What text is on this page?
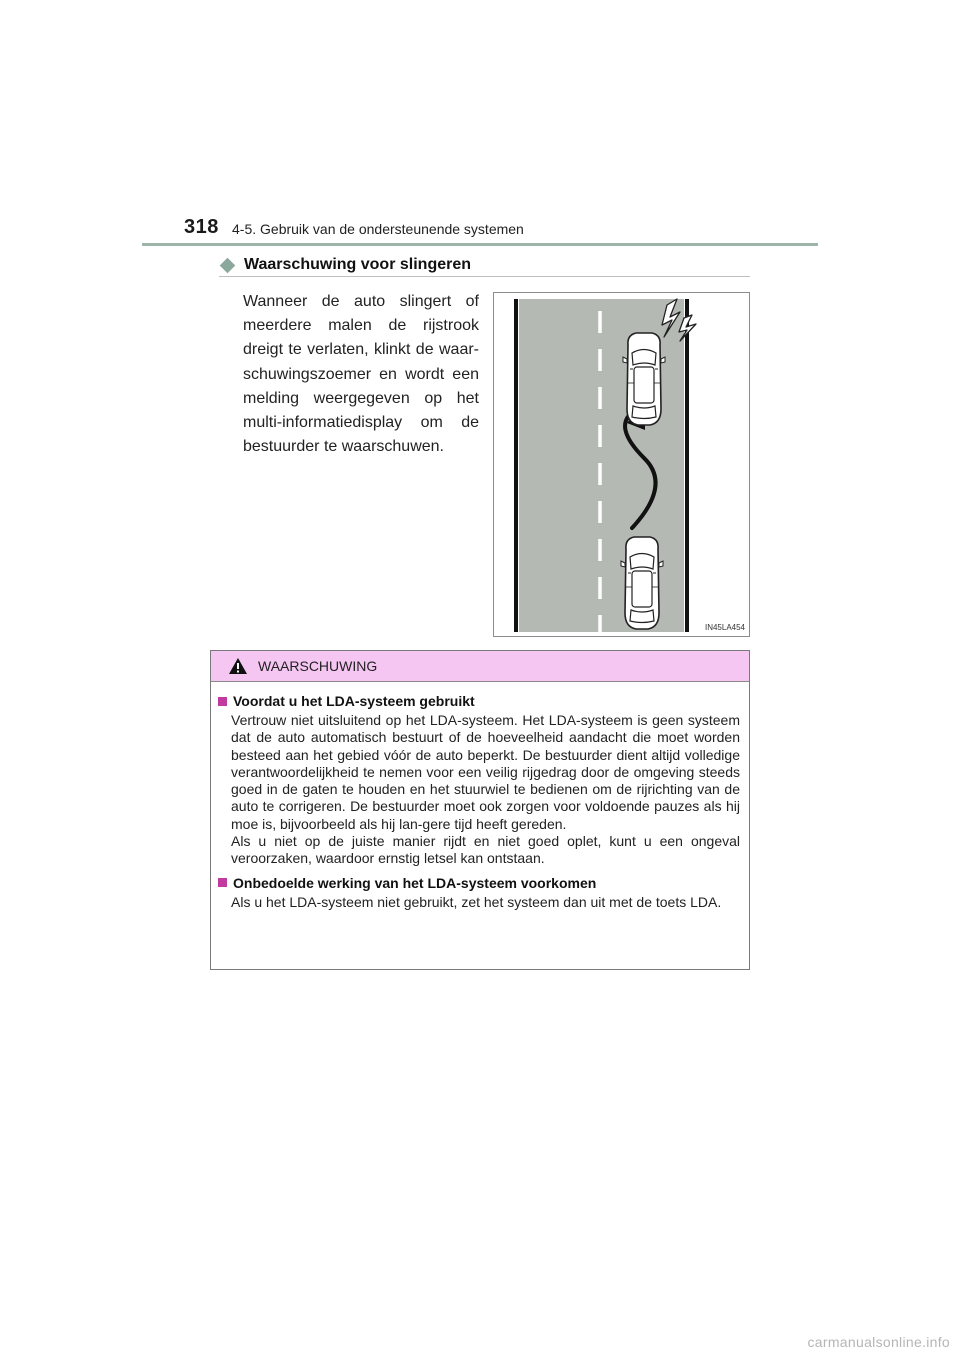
318 4-5. Gebruik van de ondersteunende systemen
Waarschuwing voor slingeren
Wanneer de auto slingert of meerdere malen de rijstrook dreigt te verlaten, klinkt de waar-schuwingszoemer en wordt een melding weergegeven op het multi-informatiedisplay om de bestuurder te waarschuwen.
IN45LA454
WAARSCHUWING
Voordat u het LDA-systeem gebruikt
Vertrouw niet uitsluitend op het LDA-systeem. Het LDA-systeem is geen systeem dat de auto automatisch bestuurt of de hoeveelheid aandacht die moet worden besteed aan het gebied vóór de auto beperkt. De bestuurder dient altijd volledige verantwoordelijkheid te nemen voor een veilig rijgedrag door de omgeving steeds goed in de gaten te houden en het stuurwiel te bedienen om de rijrichting van de auto te corrigeren. De bestuurder moet ook zorgen voor voldoende pauzes als hij moe is, bijvoorbeeld als hij lan-gere tijd heeft gereden.
Als u niet op de juiste manier rijdt en niet goed oplet, kunt u een ongeval veroorzaken, waardoor ernstig letsel kan ontstaan.
Onbedoelde werking van het LDA-systeem voorkomen
Als u het LDA-systeem niet gebruikt, zet het systeem dan uit met de toets LDA.
carmanualsonline.info
